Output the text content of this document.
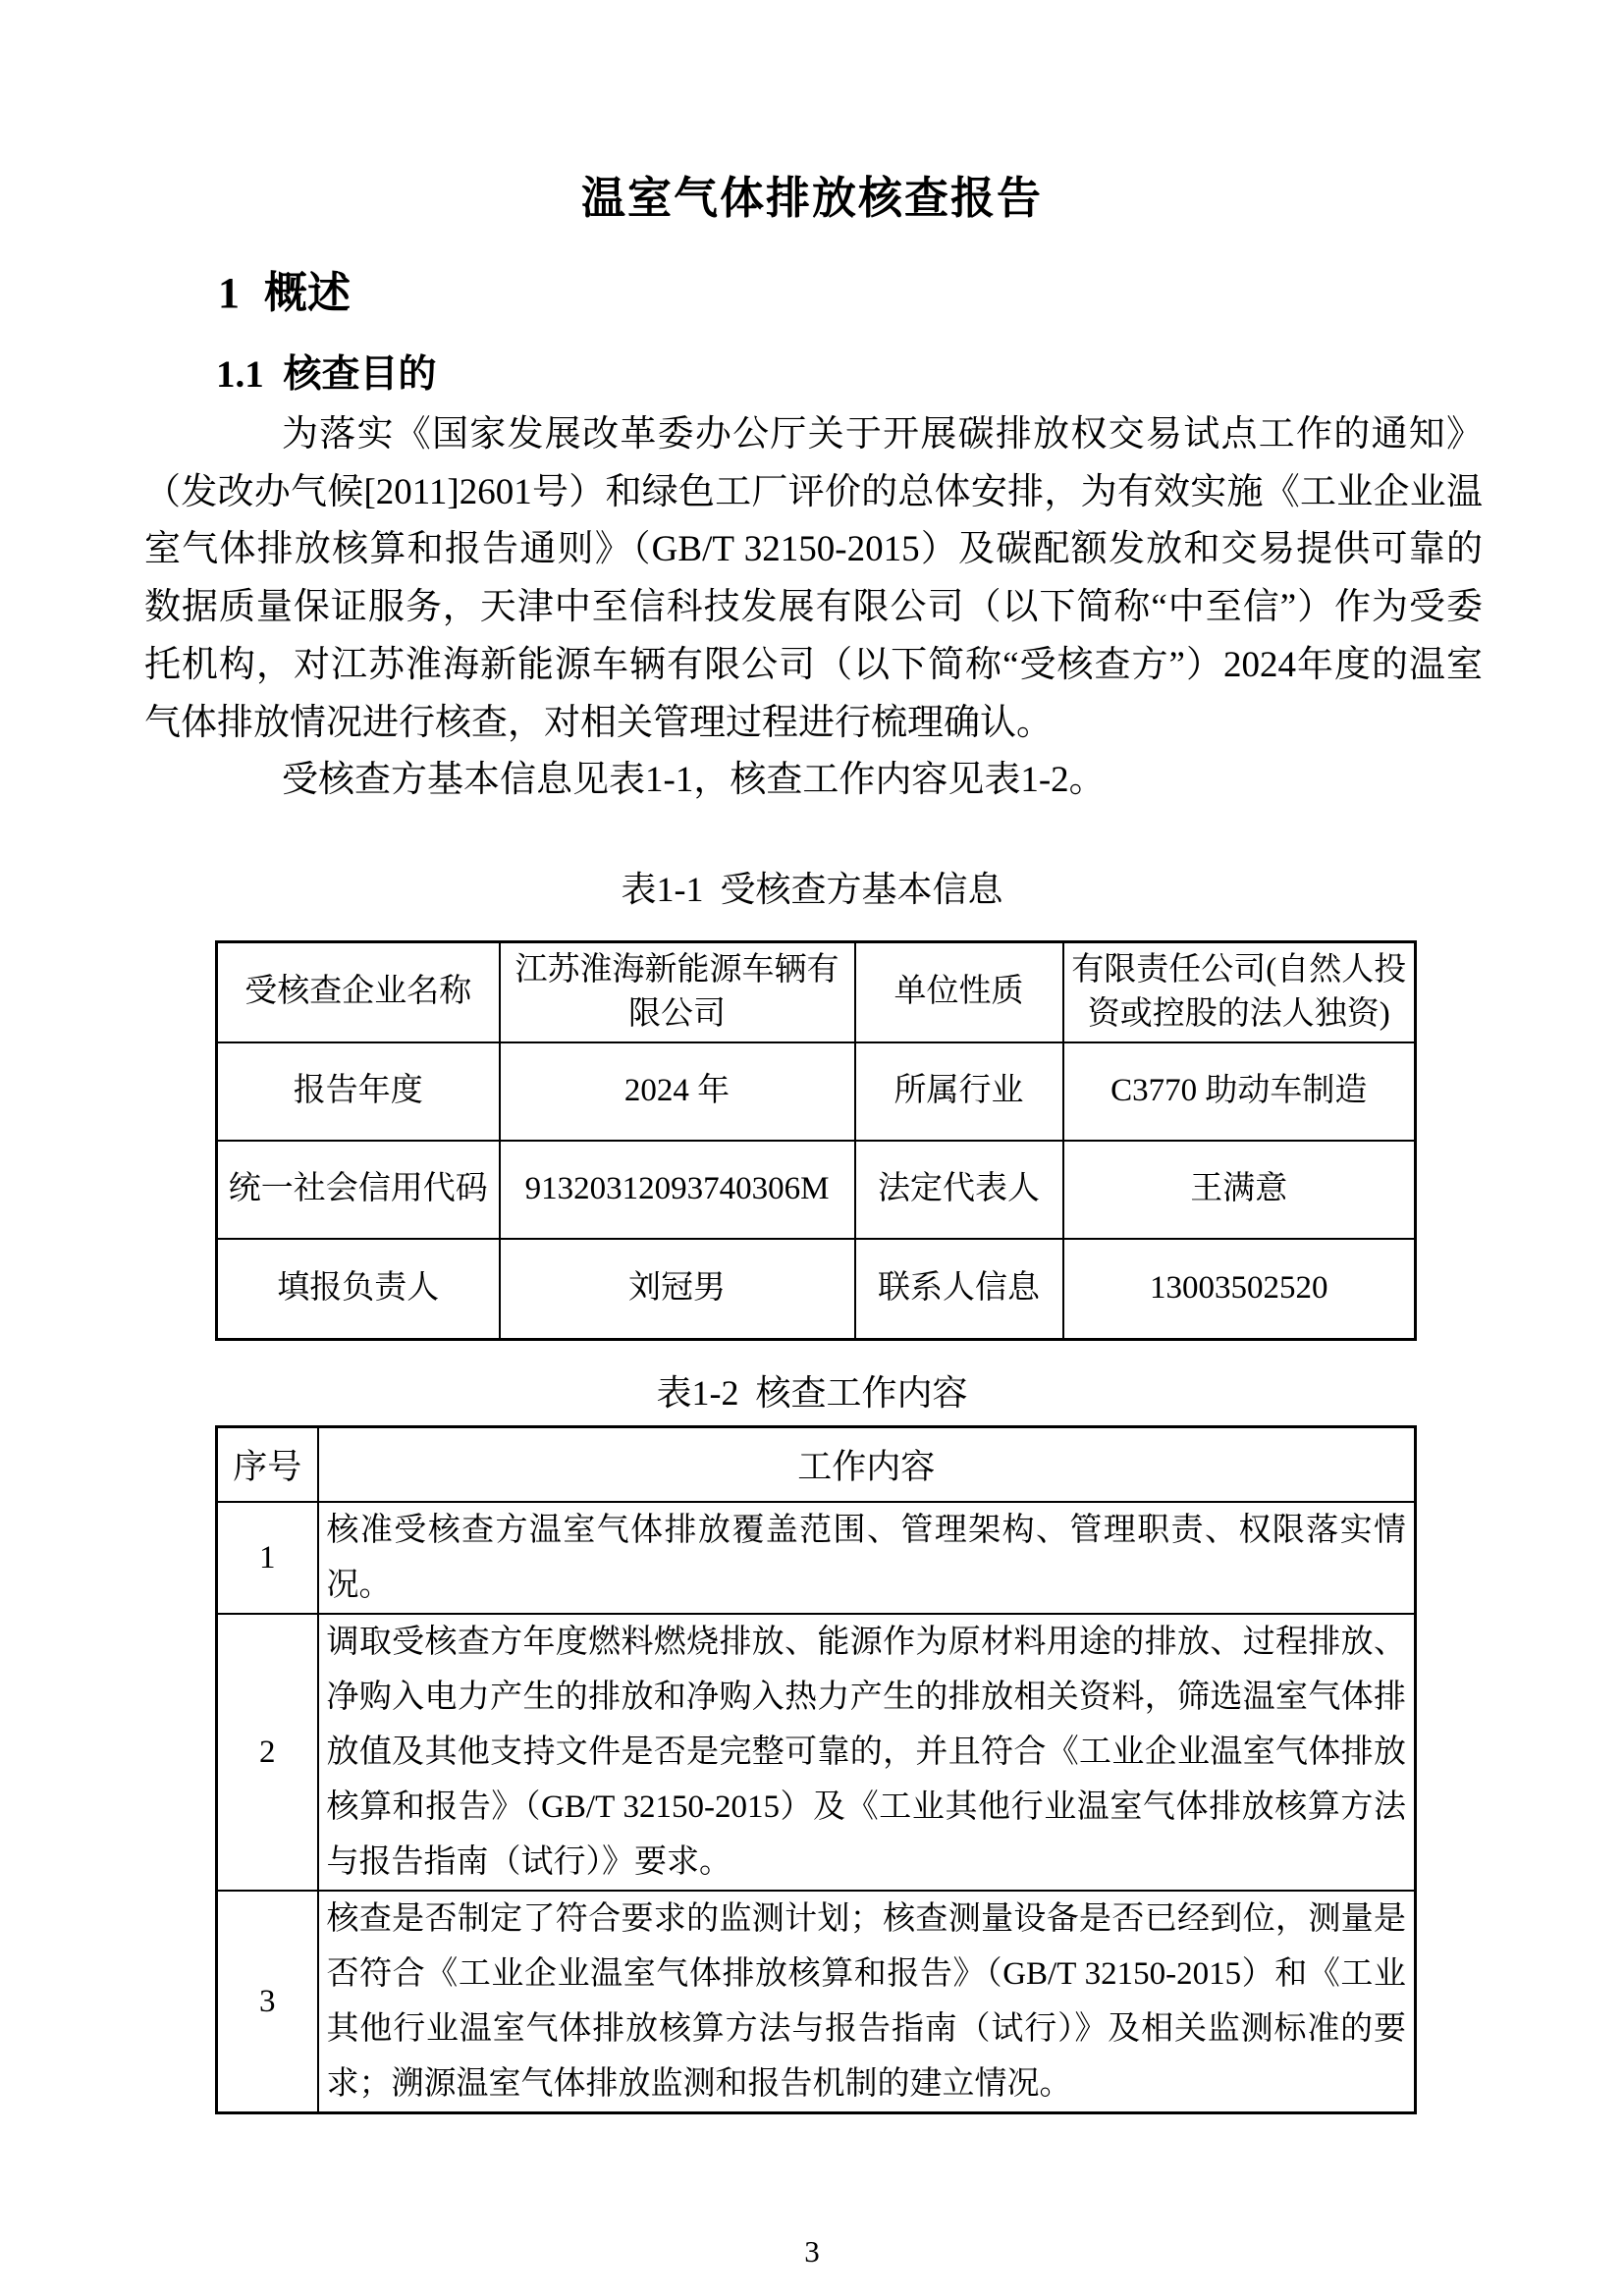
温室气体排放核查报告
1 概述
1.1 核查目的
为落实《国家发展改革委办公厅关于开展碳排放权交易试点工作的通知》（发改办气候[2011]2601号）和绿色工厂评价的总体安排，为有效实施《工业企业温室气体排放核算和报告通则》（GB/T 32150-2015）及碳配额发放和交易提供可靠的数据质量保证服务，天津中至信科技发展有限公司（以下简称“中至信”）作为受委托机构，对江苏淮海新能源车辆有限公司（以下简称“受核查方”）2024年度的温室气体排放情况进行核查，对相关管理过程进行梳理确认。
受核查方基本信息见表1-1，核查工作内容见表1-2。
表1-1 受核查方基本信息
受核查企业名称	江苏淮海新能源车辆有限公司	单位性质	有限责任公司(自然人投资或控股的法人独资)
报告年度	2024 年	所属行业	C3770 助动车制造
统一社会信用代码	91320312093740306M	法定代表人	王满意
填报负责人	刘冠男	联系人信息	13003502520
表1-2 核查工作内容
序号	工作内容
1	核准受核查方温室气体排放覆盖范围、管理架构、管理职责、权限落实情况。
2	调取受核查方年度燃料燃烧排放、能源作为原材料用途的排放、过程排放、净购入电力产生的排放和净购入热力产生的排放相关资料，筛选温室气体排放值及其他支持文件是否是完整可靠的，并且符合《工业企业温室气体排放核算和报告》（GB/T 32150-2015）及《工业其他行业温室气体排放核算方法与报告指南（试行）》要求。
3	核查是否制定了符合要求的监测计划；核查测量设备是否已经到位，测量是否符合《工业企业温室气体排放核算和报告》（GB/T 32150-2015）和《工业其他行业温室气体排放核算方法与报告指南（试行）》及相关监测标准的要求；溯源温室气体排放监测和报告机制的建立情况。
3
